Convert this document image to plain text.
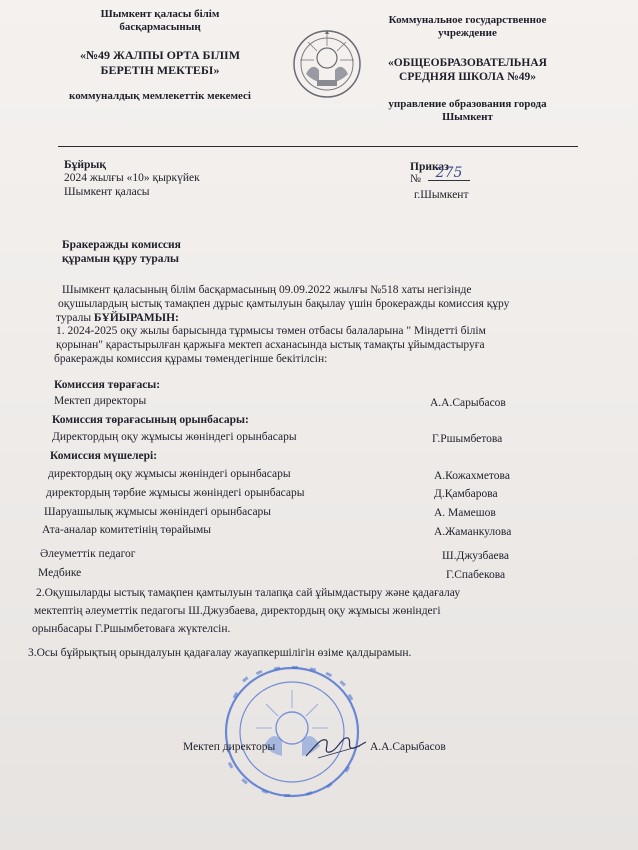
Шымкент қаласы білім
басқармасының
«№49 ЖАЛПЫ ОРТА БІЛІМ
БЕРЕТІН МЕКТЕБІ»
коммуналдық мемлекеттік мекемесі
Коммунальное государственное
учреждение
«ОБЩЕОБРАЗОВАТЕЛЬНАЯ
СРЕДНЯЯ ШКОЛА №49»
управление образования города
Шымкент
Бұйрық
2024 жылғы «10» қыркүйек
Шымкент қаласы
Приказ
№	275
г.Шымкент
Бракеражды комиссия
құрамын құру туралы
Шымкент қаласының білім басқармасының 09.09.2022 жылғы №518 хаты негізінде
оқушылардың ыстық тамақпен дұрыс қамтылуын бақылау үшін брокеражды комиссия құру
туралы БҰЙЫРАМЫН:
1. 2024-2025 оқу жылы барысында тұрмысы төмен отбасы балаларына " Міндетті білім
қорынан" қарастырылған қаржыға мектеп асханасында ыстық тамақты ұйымдастыруға
бракеражды комиссия құрамы төмендегінше бекітілсін:
Комиссия төрағасы:
Мектеп директоры	А.А.Сарыбасов
Комиссия төрағасының орынбасары:
Директордың оқу жұмысы жөніндегі орынбасары	Г.Ршымбетова
Комиссия мүшелері:
директордың оқу жұмысы жөніндегі орынбасары	А.Кожахметова
директордың тәрбие жұмысы жөніндегі орынбасары	Д.Қамбарова
Шаруашылық жұмысы жөніндегі орынбасары	А. Мамешов
Ата-аналар комитетінің төрайымы	А.Жаманкулова
Әлеуметтік педагог	Ш.Джузбаева
Медбике	Г.Спабекова
2.Оқушыларды ыстық тамақпен қамтылуын талапқа сай ұйымдастыру және қадағалау
мектептің әлеуметтік педагогы Ш.Джузбаева, директордың оқу жұмысы жөніндегі
орынбасары Г.Ршымбетоваға жүктелсін.
3.Осы бұйрықтың орындалуын қадағалау жауапкершілігін өзіме қалдырамын.
Мектеп директоры	А.А.Сарыбасов
